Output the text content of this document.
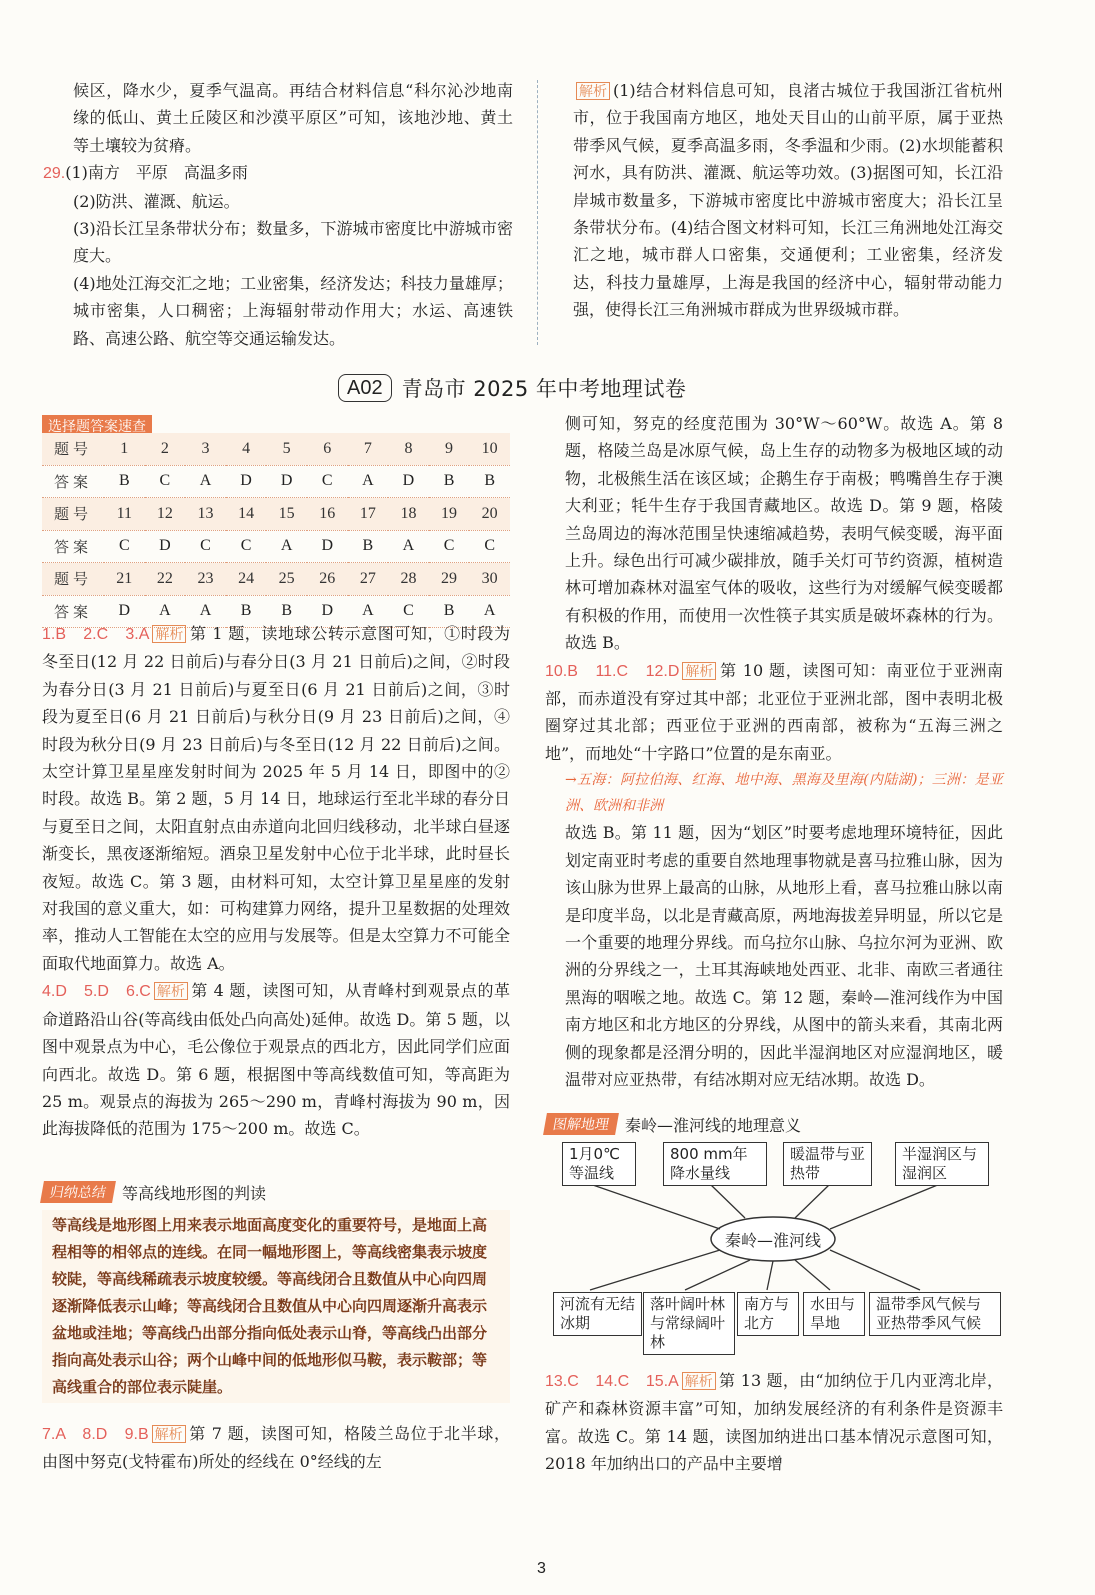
候区，降水少，夏季气温高。再结合材料信息“科尔沁沙地南缘的低山、黄土丘陵区和沙漠平原区”可知，该地沙地、黄土等土壤较为贫瘠。

29.(1)南方　平原　高温多雨

(2)防洪、灌溉、航运。

(3)沿长江呈条带状分布；数量多，下游城市密度比中游城市密度大。

(4)地处江海交汇之地；工业密集，经济发达；科技力量雄厚；城市密集，人口稠密；上海辐射带动作用大；水运、高速铁路、高速公路、航空等交通运输发达。

解析 (1)结合材料信息可知，良渚古城位于我国浙江省杭州市，位于我国南方地区，地处天目山的山前平原，属于亚热带季风气候，夏季高温多雨，冬季温和少雨。(2)水坝能蓄积河水，具有防洪、灌溉、航运等功效。(3)据图可知，长江沿岸城市数量多，下游城市密度比中游城市密度大；沿长江呈条带状分布。(4)结合图文材料可知，长江三角洲地处江海交汇之地，城市群人口密集，交通便利；工业密集，经济发达，科技力量雄厚，上海是我国的经济中心，辐射带动能力强，使得长江三角洲城市群成为世界级城市群。

A02 青岛市 2025 年中考地理试卷
选择题答案速查
题号	1	2	3	4	5	6	7	8	9	10
答案	B	C	A	D	D	C	A	D	B	B
题号	11	12	13	14	15	16	17	18	19	20
答案	C	D	C	C	A	D	B	A	C	C
题号	21	22	23	24	25	26	27	28	29	30
答案	D	A	A	B	B	D	A	C	B	A

1.B　2.C　3.A 解析 第 1 题，读地球公转示意图可知，①时段为冬至日(12 月 22 日前后)与春分日(3 月 21 日前后)之间，②时段为春分日(3 月 21 日前后)与夏至日(6 月 21 日前后)之间，③时段为夏至日(6 月 21 日前后)与秋分日(9 月 23 日前后)之间，④时段为秋分日(9 月 23 日前后)与冬至日(12 月 22 日前后)之间。太空计算卫星星座发射时间为 2025 年 5 月 14 日，即图中的②时段。故选 B。第 2 题，5 月 14 日，地球运行至北半球的春分日与夏至日之间，太阳直射点由赤道向北回归线移动，北半球白昼逐渐变长，黑夜逐渐缩短。酒泉卫星发射中心位于北半球，此时昼长夜短。故选 C。第 3 题，由材料可知，太空计算卫星星座的发射对我国的意义重大，如：可构建算力网络，提升卫星数据的处理效率，推动人工智能在太空的应用与发展等。但是太空算力不可能全面取代地面算力。故选 A。

4.D　5.D　6.C 解析 第 4 题，读图可知，从青峰村到观景点的革命道路沿山谷(等高线由低处凸向高处)延伸。故选 D。第 5 题，以图中观景点为中心，毛公像位于观景点的西北方，因此同学们应面向西北。故选 D。第 6 题，根据图中等高线数值可知，等高距为 25 m。观景点的海拔为 265～290 m，青峰村海拔为 90 m，因此海拔降低的范围为 175～200 m。故选 C。

归纳总结 等高线地形图的判读
等高线是地形图上用来表示地面高度变化的重要符号，是地面上高程相等的相邻点的连线。在同一幅地形图上，等高线密集表示坡度较陡，等高线稀疏表示坡度较缓。等高线闭合且数值从中心向四周逐渐降低表示山峰；等高线闭合且数值从中心向四周逐渐升高表示盆地或洼地；等高线凸出部分指向低处表示山脊，等高线凸出部分指向高处表示山谷；两个山峰中间的低地形似马鞍，表示鞍部；等高线重合的部位表示陡崖。

7.A　8.D　9.B 解析 第 7 题，读图可知，格陵兰岛位于北半球，由图中努克(戈特霍布)所处的经线在 0°经线的左

侧可知，努克的经度范围为 30°W～60°W。故选 A。第 8 题，格陵兰岛是冰原气候，岛上生存的动物多为极地区域的动物，北极熊生活在该区域；企鹅生存于南极；鸭嘴兽生存于澳大利亚；牦牛生存于我国青藏地区。故选 D。第 9 题，格陵兰岛周边的海冰范围呈快速缩减趋势，表明气候变暖，海平面上升。绿色出行可减少碳排放，随手关灯可节约资源，植树造林可增加森林对温室气体的吸收，这些行为对缓解气候变暖都有积极的作用，而使用一次性筷子其实质是破坏森林的行为。故选 B。

10.B　11.C　12.D 解析 第 10 题，读图可知：南亚位于亚洲南部，而赤道没有穿过其中部；北亚位于亚洲北部，图中表明北极圈穿过其北部；西亚位于亚洲的西南部，被称为“五海三洲之地”，而地处“十字路口”位置的是东南亚。

→五海：阿拉伯海、红海、地中海、黑海及里海(内陆湖)；三洲：是亚洲、欧洲和非洲

故选 B。第 11 题，因为“划区”时要考虑地理环境特征，因此划定南亚时考虑的重要自然地理事物就是喜马拉雅山脉，因为该山脉为世界上最高的山脉，从地形上看，喜马拉雅山脉以南是印度半岛，以北是青藏高原，两地海拔差异明显，所以它是一个重要的地理分界线。而乌拉尔山脉、乌拉尔河为亚洲、欧洲的分界线之一，土耳其海峡地处西亚、北非、南欧三者通往黑海的咽喉之地。故选 C。第 12 题，秦岭—淮河线作为中国南方地区和北方地区的分界线，从图中的箭头来看，其南北两侧的现象都是泾渭分明的，因此半湿润地区对应湿润地区，暖温带对应亚热带，有结冰期对应无结冰期。故选 D。

图解地理 秦岭—淮河线的地理意义
秦岭—淮河线
1月0℃等温线
800 mm年降水量线
暖温带与亚热带
半湿润区与湿润区
河流有无结冰期
落叶阔叶林与常绿阔叶林
南方与北方
水田与旱地
温带季风气候与亚热带季风气候

13.C　14.C　15.A 解析 第 13 题，由“加纳位于几内亚湾北岸，矿产和森林资源丰富”可知，加纳发展经济的有利条件是资源丰富。故选 C。第 14 题，读图加纳进出口基本情况示意图可知，2018 年加纳出口的产品中主要增

3
